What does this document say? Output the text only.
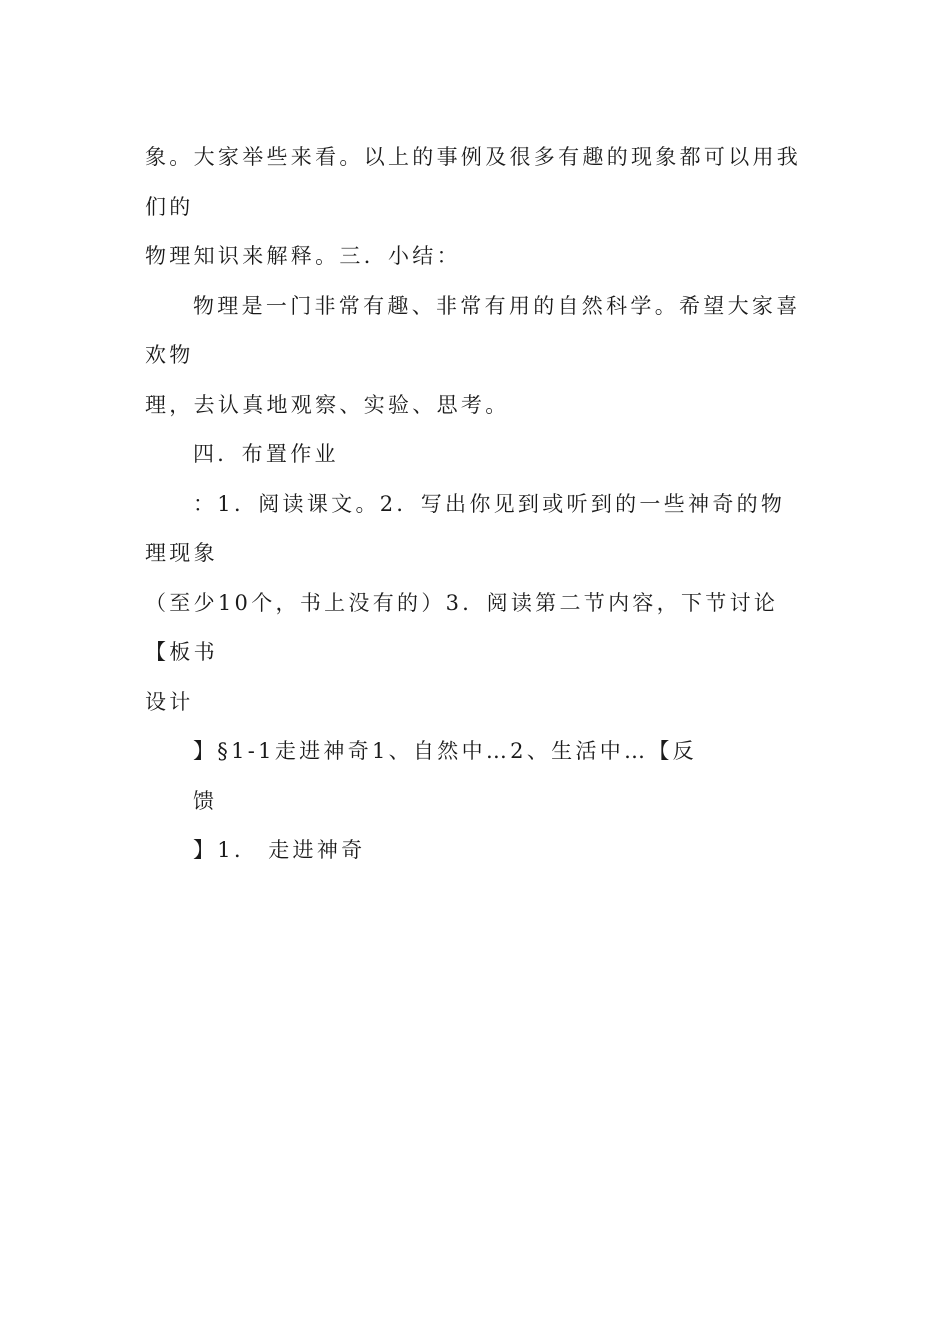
象。大家举些来看。以上的事例及很多有趣的现象都可以用我们的
物理知识来解释。三．小结：
物理是一门非常有趣、非常有用的自然科学。希望大家喜欢物
理，去认真地观察、实验、思考。
四．布置作业
：1．阅读课文。2．写出你见到或听到的一些神奇的物理现象
（至少10个，书上没有的）3．阅读第二节内容，下节讨论【板书
设计
】§1-1走进神奇1、自然中…2、生活中…【反
馈
】1． 走进神奇
